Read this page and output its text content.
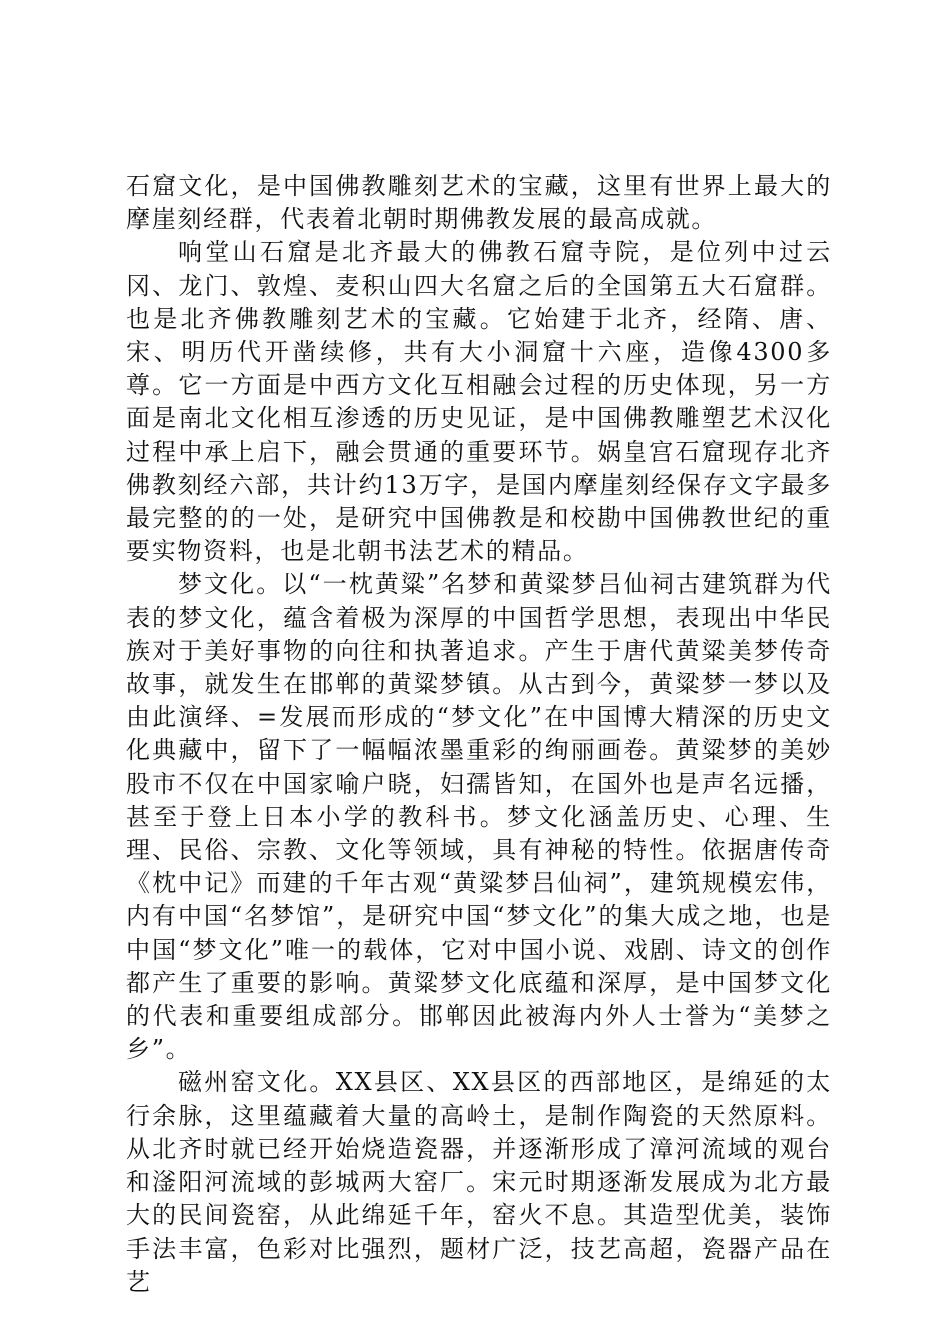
石窟文化，是中国佛教雕刻艺术的宝藏，这里有世界上最大的摩崖刻经群，代表着北朝时期佛教发展的最高成就。

响堂山石窟是北齐最大的佛教石窟寺院，是位列中过云冈、龙门、敦煌、麦积山四大名窟之后的全国第五大石窟群。也是北齐佛教雕刻艺术的宝藏。它始建于北齐，经隋、唐、宋、明历代开凿续修，共有大小洞窟十六座，造像4300多尊。它一方面是中西方文化互相融会过程的历史体现，另一方面是南北文化相互渗透的历史见证，是中国佛教雕塑艺术汉化过程中承上启下，融会贯通的重要环节。娲皇宫石窟现存北齐佛教刻经六部，共计约13万字，是国内摩崖刻经保存文字最多最完整的的一处，是研究中国佛教是和校勘中国佛教世纪的重要实物资料，也是北朝书法艺术的精品。

梦文化。以“一枕黄粱”名梦和黄粱梦吕仙祠古建筑群为代表的梦文化，蕴含着极为深厚的中国哲学思想，表现出中华民族对于美好事物的向往和执著追求。产生于唐代黄粱美梦传奇故事，就发生在邯郸的黄粱梦镇。从古到今，黄粱梦一梦以及由此演绎、=发展而形成的“梦文化”在中国博大精深的历史文化典藏中，留下了一幅幅浓墨重彩的绚丽画卷。黄粱梦的美妙股市不仅在中国家喻户晓，妇孺皆知，在国外也是声名远播，甚至于登上日本小学的教科书。梦文化涵盖历史、心理、生理、民俗、宗教、文化等领域，具有神秘的特性。依据唐传奇《枕中记》而建的千年古观“黄粱梦吕仙祠”，建筑规模宏伟，内有中国“名梦馆”，是研究中国“梦文化”的集大成之地，也是中国“梦文化”唯一的载体，它对中国小说、戏剧、诗文的创作都产生了重要的影响。黄粱梦文化底蕴和深厚，是中国梦文化的代表和重要组成部分。邯郸因此被海内外人士誉为“美梦之乡”。

磁州窑文化。XX县区、XX县区的西部地区，是绵延的太行余脉，这里蕴藏着大量的高岭土，是制作陶瓷的天然原料。从北齐时就已经开始烧造瓷器，并逐渐形成了漳河流域的观台和滏阳河流域的彭城两大窑厂。宋元时期逐渐发展成为北方最大的民间瓷窑，从此绵延千年，窑火不息。其造型优美，装饰手法丰富，色彩对比强烈，题材广泛，技艺高超，瓷器产品在艺
